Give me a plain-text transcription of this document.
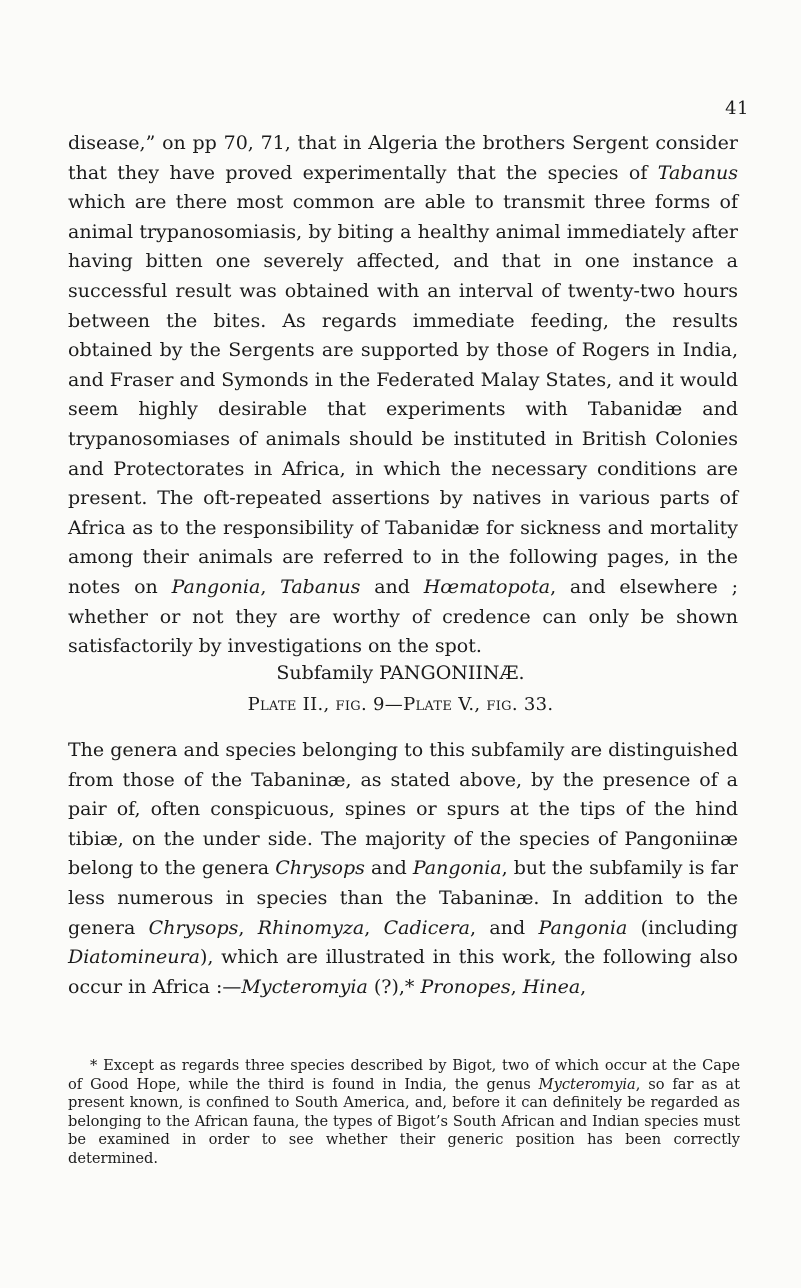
41

disease,” on pp 70, 71, that in Algeria the brothers Sergent consider that they have proved experimentally that the species of Tabanus which are there most common are able to transmit three forms of animal trypanosomiasis, by biting a healthy animal immediately after having bitten one severely affected, and that in one instance a successful result was obtained with an interval of twenty-two hours between the bites. As regards immediate feeding, the results obtained by the Sergents are supported by those of Rogers in India, and Fraser and Symonds in the Federated Malay States, and it would seem highly desirable that experiments with Tabanidæ and trypanosomiases of animals should be instituted in British Colonies and Protectorates in Africa, in which the necessary conditions are present. The oft-repeated assertions by natives in various parts of Africa as to the responsibility of Tabanidæ for sickness and mortality among their animals are referred to in the following pages, in the notes on Pangonia, Tabanus and Hœmatopota, and elsewhere ; whether or not they are worthy of credence can only be shown satisfactorily by investigations on the spot.

Subfamily PANGONIINÆ.
Plate II., fig. 9—Plate V., fig. 33.

The genera and species belonging to this subfamily are distinguished from those of the Tabaninæ, as stated above, by the presence of a pair of, often conspicuous, spines or spurs at the tips of the hind tibiæ, on the under side. The majority of the species of Pangoniinæ belong to the genera Chrysops and Pangonia, but the subfamily is far less numerous in species than the Tabaninæ. In addition to the genera Chrysops, Rhinomyza, Cadicera, and Pangonia (including Diatomineura), which are illustrated in this work, the following also occur in Africa :—Mycteromyia (?),* Pronopes, Hinea,

* Except as regards three species described by Bigot, two of which occur at the Cape of Good Hope, while the third is found in India, the genus Mycteromyia, so far as at present known, is confined to South America, and, before it can definitely be regarded as belonging to the African fauna, the types of Bigot’s South African and Indian species must be examined in order to see whether their generic position has been correctly determined.
